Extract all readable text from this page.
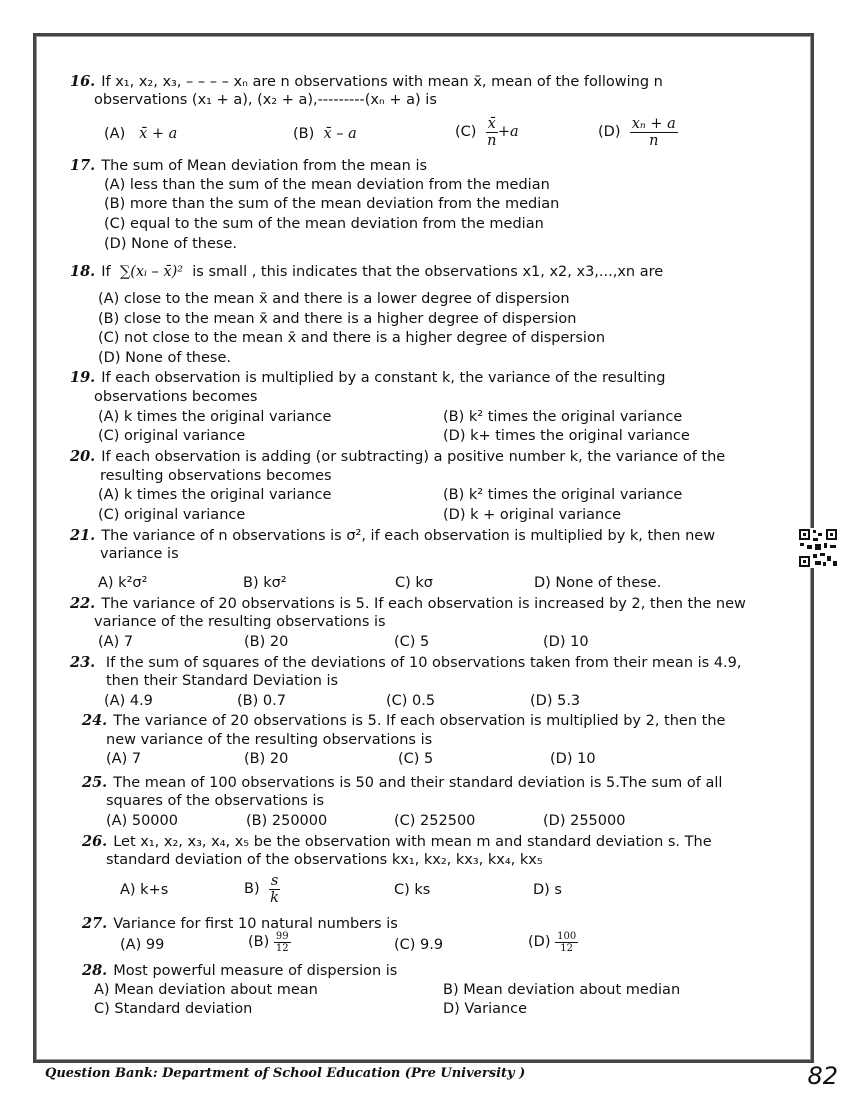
16. If x₁, x₂, x₃, – – – – xₙ are n observations with mean x̄, mean of the following n
observations (x₁ + a), (x₂ + a),---------(xₙ + a) is
(A) x̄ + a	(B) x̄ – a	$(C) \frac{x̄}{n} +a$	$(D) \frac{\text{xₙ + a}}{n}$
17. The sum of Mean deviation from the mean is
(A) less than the sum of the mean deviation from the median
(B) more than the sum of the mean deviation from the median
(C) equal to the sum of the mean deviation from the median
(D) None of these.
18. If ∑(xᵢ – x̄)² is small , this indicates that the observations x1, x2, x3,...,xn are
(A) close to the mean x̄ and there is a lower degree of dispersion
(B) close to the mean x̄ and there is a higher degree of dispersion
(C) not close to the mean x̄ and there is a higher degree of dispersion
(D) None of these.
19. If each observation is multiplied by a constant k, the variance of the resulting
observations becomes
(A) k times the original variance	(B) k² times the original variance
(C) original variance	(D) k+ times the original variance
20. If each observation is adding (or subtracting) a positive number k, the variance of the
resulting observations becomes
(A) k times the original variance	(B) k² times the original variance
(C) original variance	(D) k + original variance
21. The variance of n observations is σ², if each observation is multiplied by k, then new
variance is
A) k²σ²	B) kσ²	C) kσ	D) None of these.
22. The variance of 20 observations is 5. If each observation is increased by 2, then the new
variance of the resulting observations is
(A) 7	(B) 20	(C) 5	(D) 10
23. If the sum of squares of the deviations of 10 observations taken from their mean is 4.9,
then their Standard Deviation is
(A) 4.9	(B) 0.7	(C) 0.5	(D) 5.3
24. The variance of 20 observations is 5. If each observation is multiplied by 2, then the
new variance of the resulting observations is
(A) 7	(B) 20	(C) 5	(D) 10
25. The mean of 100 observations is 50 and their standard deviation is 5.The sum of all
squares of the observations is
(A) 50000	(B) 250000	(C) 252500	(D) 255000
26. Let x₁, x₂, x₃, x₄, x₅ be the observation with mean m and standard deviation s. The
standard deviation of the observations kx₁, kx₂, kx₃, kx₄, kx₅
A) k+s	$B) \frac{s}{k}$	C) ks	D) s
27. Variance for first 10 natural numbers is
(A) 99	$(B) \frac{99}{12}$	(C) 9.9	$(D) \frac{100}{12}$
28. Most powerful measure of dispersion is
A) Mean deviation about mean	B) Mean deviation about median
C) Standard deviation	D) Variance
Question Bank: Department of School Education (Pre University )	82
